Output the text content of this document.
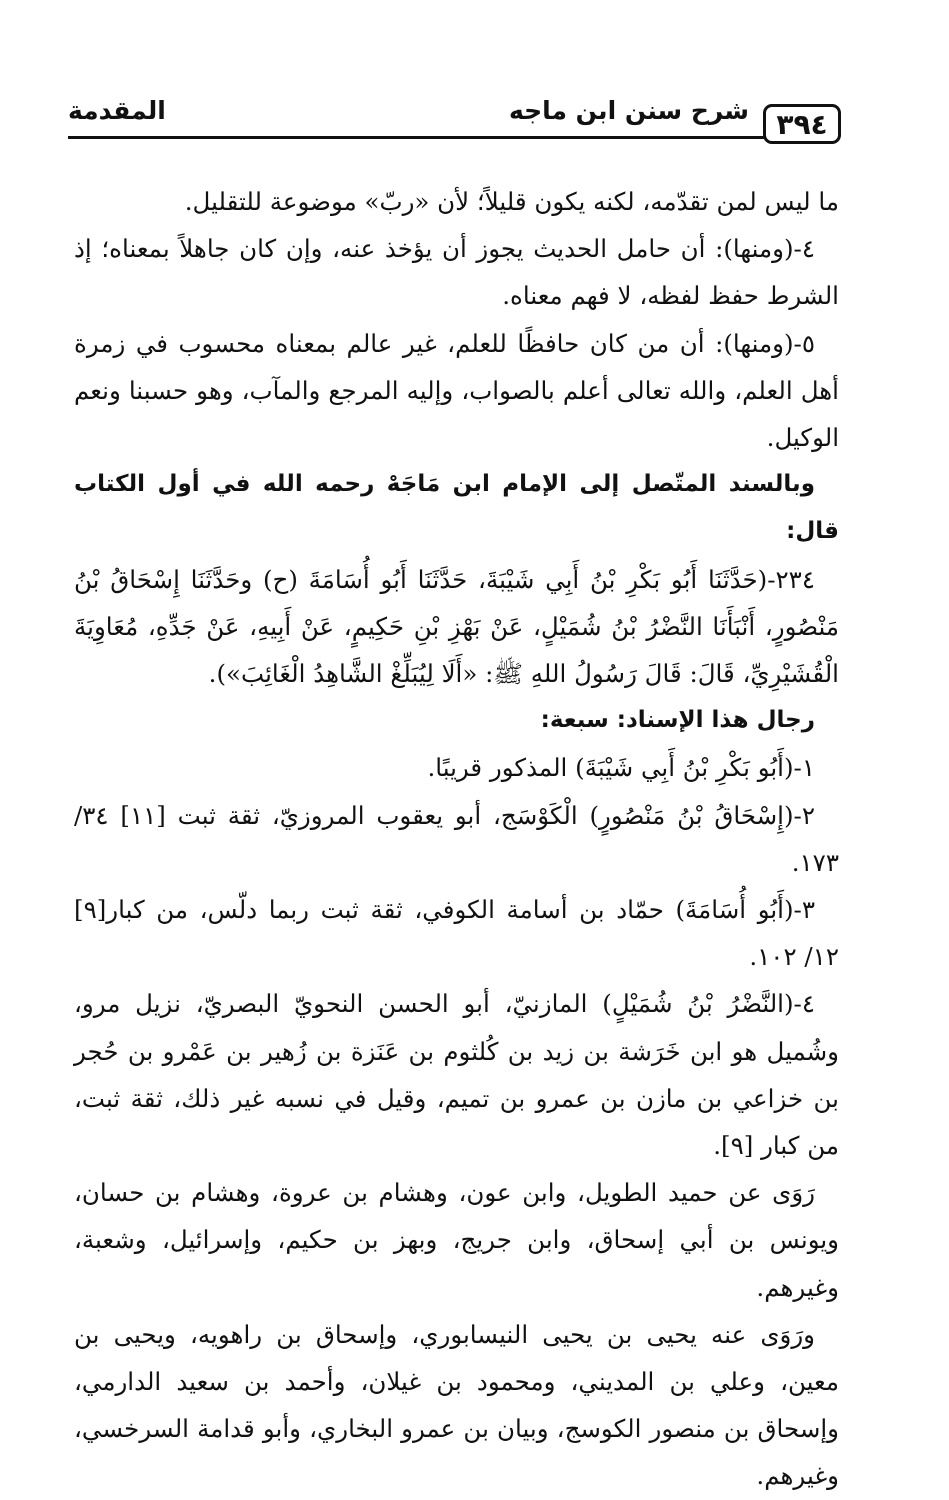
٣٩٤
شرح سنن ابن ماجه
المقدمة

ما ليس لمن تقدّمه، لكنه يكون قليلاً؛ لأن «ربّ» موضوعة للتقليل.

٤-(ومنها): أن حامل الحديث يجوز أن يؤخذ عنه، وإن كان جاهلاً بمعناه؛ إذ الشرط حفظ لفظه، لا فهم معناه.

٥-(ومنها): أن من كان حافظًا للعلم، غير عالم بمعناه محسوب في زمرة أهل العلم، والله تعالى أعلم بالصواب، وإليه المرجع والمآب، وهو حسبنا ونعم الوكيل.

وبالسند المتّصل إلى الإمام ابن مَاجَهْ رحمه الله في أول الكتاب قال:

٢٣٤-(حَدَّثَنَا أَبُو بَكْرِ بْنُ أَبِي شَيْبَةَ، حَدَّثَنَا أَبُو أُسَامَةَ (ح) وحَدَّثَنَا إِسْحَاقُ بْنُ مَنْصُورٍ، أَنْبَأَنَا النَّضْرُ بْنُ شُمَيْلٍ، عَنْ بَهْزِ بْنِ حَكِيمٍ، عَنْ أَبِيهِ، عَنْ جَدِّهِ، مُعَاوِيَةَ الْقُشَيْرِيِّ، قَالَ: قَالَ رَسُولُ اللهِ ﷺ: «أَلَا لِيُبَلِّغْ الشَّاهِدُ الْغَائِبَ»).

رجال هذا الإسناد: سبعة:

١-(أَبُو بَكْرِ بْنُ أَبِي شَيْبَةَ) المذكور قريبًا.

٢-(إِسْحَاقُ بْنُ مَنْصُورٍ) الْكَوْسَج، أبو يعقوب المروزيّ، ثقة ثبت [١١] ٣٤/ ١٧٣.

٣-(أَبُو أُسَامَةَ) حمّاد بن أسامة الكوفي، ثقة ثبت ربما دلّس، من كبار[٩] ١٢/ ١٠٢.

٤-(النَّضْرُ بْنُ شُمَيْلٍ) المازنيّ، أبو الحسن النحويّ البصريّ، نزيل مرو، وشُميل هو ابن خَرَشة بن زيد بن كُلثوم بن عَنَزة بن زُهير بن عَمْرو بن حُجر بن خزاعي بن مازن بن عمرو بن تميم، وقيل في نسبه غير ذلك، ثقة ثبت، من كبار [٩].

رَوَى عن حميد الطويل، وابن عون، وهشام بن عروة، وهشام بن حسان، ويونس بن أبي إسحاق، وابن جريج، وبهز بن حكيم، وإسرائيل، وشعبة، وغيرهم.

ورَوَى عنه يحيى بن يحيى النيسابوري، وإسحاق بن راهويه، ويحيى بن معين، وعلي بن المديني، ومحمود بن غيلان، وأحمد بن سعيد الدارمي، وإسحاق بن منصور الكوسج، وبيان بن عمرو البخاري، وأبو قدامة السرخسي، وغيرهم.
